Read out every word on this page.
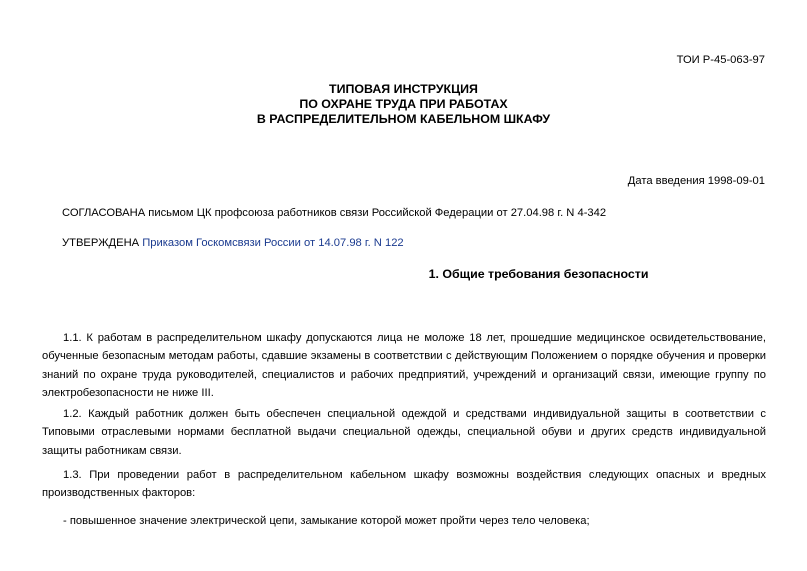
ТОИ Р-45-063-97
ТИПОВАЯ ИНСТРУКЦИЯ
ПО ОХРАНЕ ТРУДА ПРИ РАБОТАХ
В РАСПРЕДЕЛИТЕЛЬНОМ КАБЕЛЬНОМ ШКАФУ
Дата введения 1998-09-01
СОГЛАСОВАНА письмом ЦК профсоюза работников связи Российской Федерации от 27.04.98 г. N 4-342
УТВЕРЖДЕНА Приказом Госкомсвязи России от 14.07.98 г. N 122
1. Общие требования безопасности
1.1. К работам в распределительном шкафу допускаются лица не моложе 18 лет, прошедшие медицинское освидетельствование, обученные безопасным методам работы, сдавшие экзамены в соответствии с действующим Положением о порядке обучения и проверки знаний по охране труда руководителей, специалистов и рабочих предприятий, учреждений и организаций связи, имеющие группу по электробезопасности не ниже III.
1.2. Каждый работник должен быть обеспечен специальной одеждой и средствами индивидуальной защиты в соответствии с Типовыми отраслевыми нормами бесплатной выдачи специальной одежды, специальной обуви и других средств индивидуальной защиты работникам связи.
1.3. При проведении работ в распределительном кабельном шкафу возможны воздействия следующих опасных и вредных производственных факторов:
- повышенное значение электрической цепи, замыкание которой может пройти через тело человека;
